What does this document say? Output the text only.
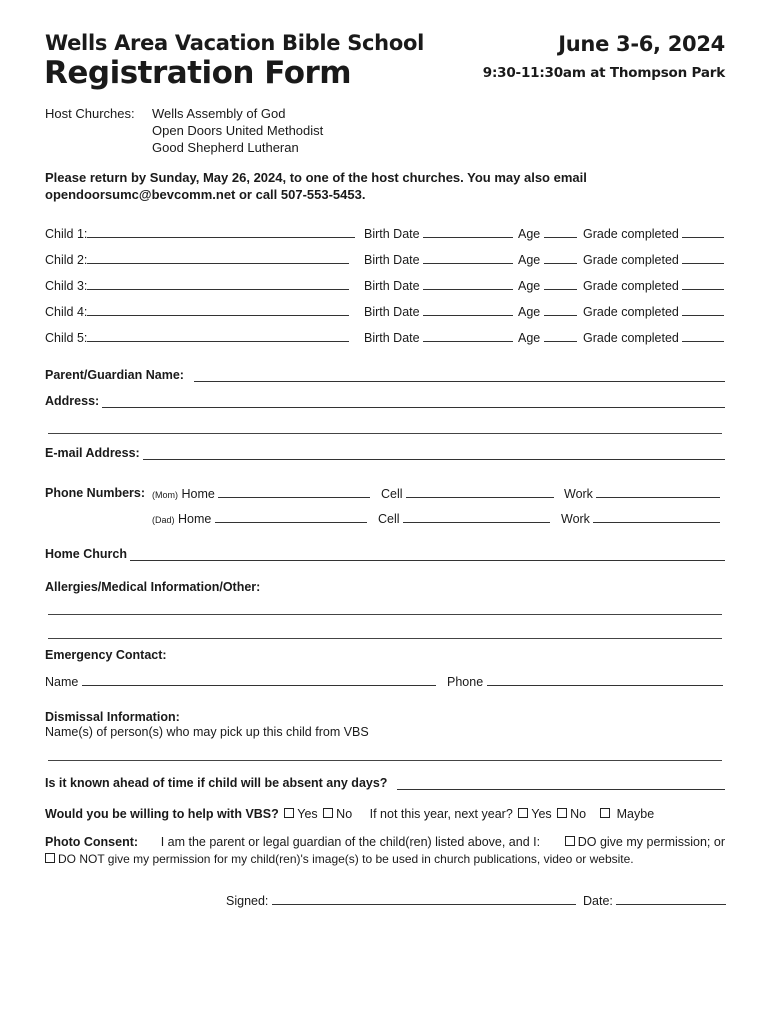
Wells Area Vacation Bible School
Registration Form
June 3-6, 2024
9:30-11:30am at Thompson Park
Host Churches: Wells Assembly of God
Open Doors United Methodist
Good Shepherd Lutheran
Please return by Sunday, May 26, 2024, to one of the host churches. You may also email
opendoorsumc@bevcomm.net or call 507-553-5453.
Child 1:	Birth Date	Age	Grade completed
Child 2:	Birth Date	Age	Grade completed
Child 3:	Birth Date	Age	Grade completed
Child 4:	Birth Date	Age	Grade completed
Child 5:	Birth Date	Age	Grade completed
Parent/Guardian Name:
Address:
E-mail Address:
Phone Numbers: (Mom) Home	Cell	Work
(Dad) Home	Cell	Work
Home Church
Allergies/Medical Information/Other:
Emergency Contact:
Name	Phone
Dismissal Information:
Name(s) of person(s) who may pick up this child from VBS
Is it known ahead of time if child will be absent any days?
Would you be willing to help with VBS? Yes No If not this year, next year? Yes No Maybe
Photo Consent: I am the parent or legal guardian of the child(ren) listed above, and I:	DO give my permission; or
DO NOT give my permission for my child(ren)'s image(s) to be used in church publications, video or website.
Signed:	Date:
